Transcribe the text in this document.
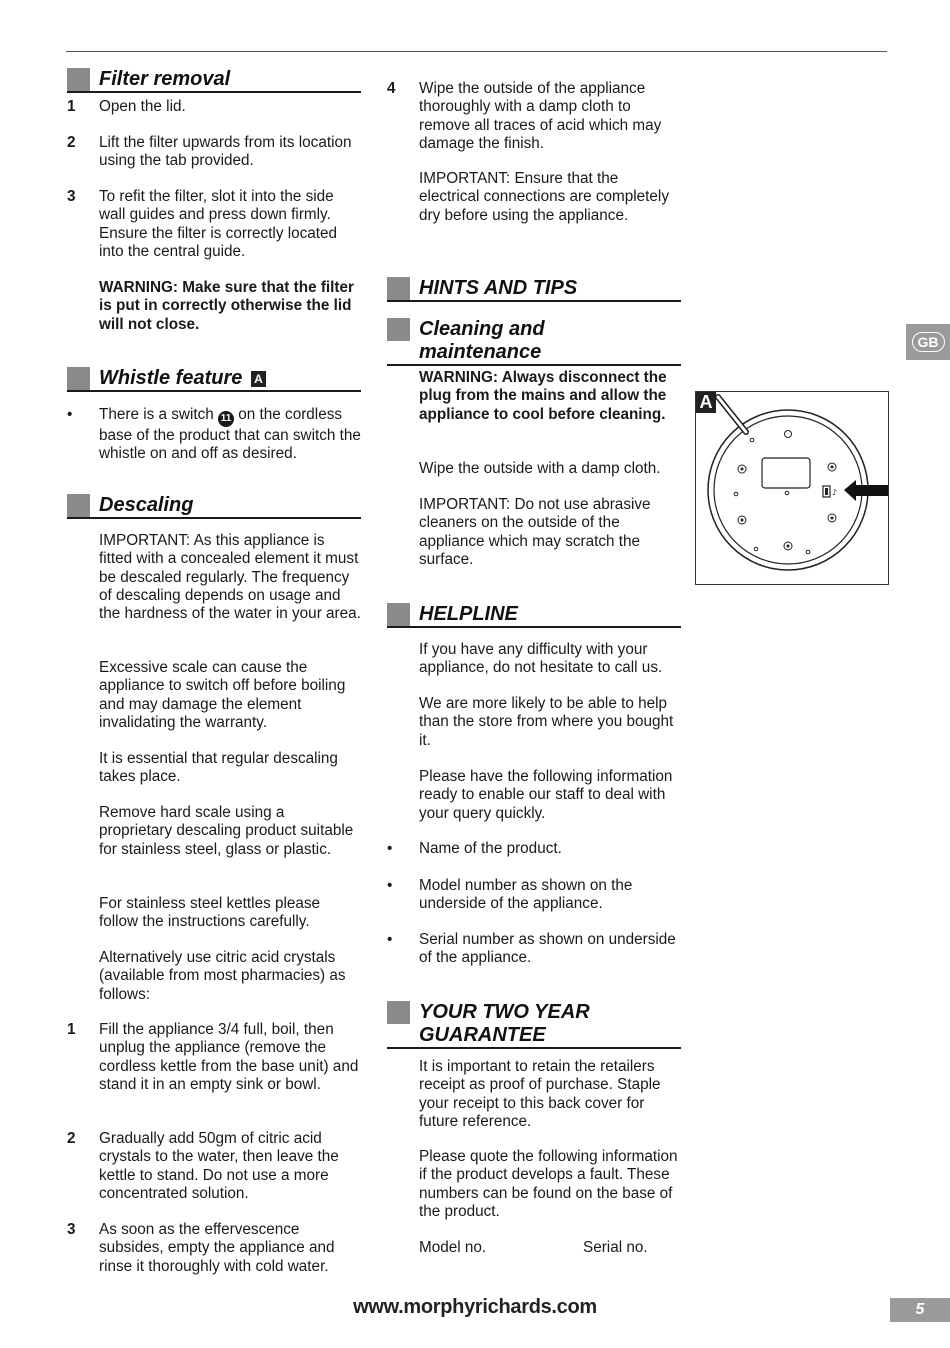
Filter removal
1	Open the lid.

2	Lift the filter upwards from its location using the tab provided.

3	To refit the filter, slot it into the side wall guides and press down firmly. Ensure the filter is correctly located into the central guide.

WARNING: Make sure that the filter is put in correctly otherwise the lid will not close.

Whistle feature A
•	There is a switch 11 on the cordless base of the product that can switch the whistle on and off as desired.

Descaling

IMPORTANT: As this appliance is fitted with a concealed element it must be descaled regularly. The frequency of descaling depends on usage and the hardness of the water in your area.

Excessive scale can cause the appliance to switch off before boiling and may damage the element invalidating the warranty.

It is essential that regular descaling takes place.

Remove hard scale using a proprietary descaling product suitable for stainless steel, glass or plastic.

For stainless steel kettles please follow the instructions carefully.

Alternatively use citric acid crystals (available from most pharmacies) as follows:

1	Fill the appliance 3/4 full, boil, then unplug the appliance (remove the cordless kettle from the base unit) and stand it in an empty sink or bowl.

2	Gradually add 50gm of citric acid crystals to the water, then leave the kettle to stand. Do not use a more concentrated solution.

3	As soon as the effervescence subsides, empty the appliance and rinse it thoroughly with cold water.

4	Wipe the outside of the appliance thoroughly with a damp cloth to remove all traces of acid which may damage the finish.

IMPORTANT: Ensure that the electrical connections are completely dry before using the appliance.

HINTS AND TIPS
Cleaning and
maintenance

WARNING: Always disconnect the plug from the mains and allow the appliance to cool before cleaning.

Wipe the outside with a damp cloth.

IMPORTANT: Do not use abrasive cleaners on the outside of the appliance which may scratch the surface.

HELPLINE

If you have any difficulty with your appliance, do not hesitate to call us.

We are more likely to be able to help than the store from where you bought it.

Please have the following information ready to enable our staff to deal with your query quickly.

•	Name of the product.

•	Model number as shown on the underside of the appliance.

•	Serial number as shown on underside of the appliance.

YOUR TWO YEAR
GUARANTEE

It is important to retain the retailers receipt as proof of purchase. Staple your receipt to this back cover for future reference.

Please quote the following information if the product develops a fault. These numbers can be found on the base of the product.

Model no.	Serial no.

GB
♪
A
www.morphyrichards.com	5
